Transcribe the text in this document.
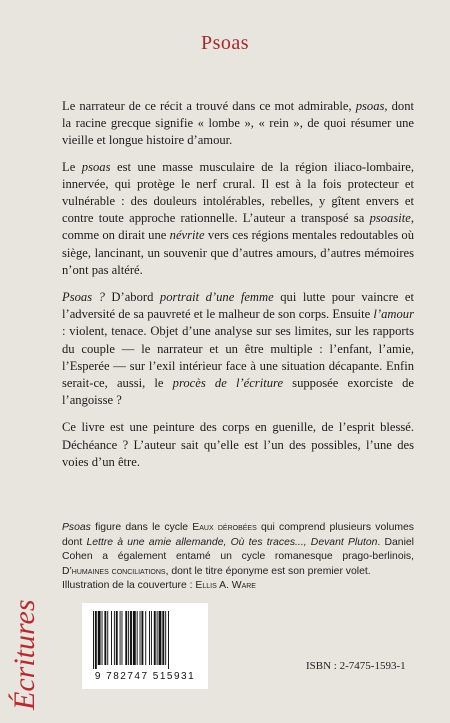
Psoas

Le narrateur de ce récit a trouvé dans ce mot admirable, psoas, dont la racine grecque signifie « lombe », « rein », de quoi résumer une vieille et longue histoire d’amour.

Le psoas est une masse musculaire de la région iliaco-lombaire, innervée, qui protège le nerf crural. Il est à la fois protecteur et vulnérable : des douleurs intolérables, rebelles, y gîtent envers et contre toute approche rationnelle. L’auteur a transposé sa psoasite, comme on dirait une névrite vers ces régions mentales redoutables où siège, lancinant, un souvenir que d’autres amours, d’autres mémoires n’ont pas altéré.

Psoas ? D’abord portrait d’une femme qui lutte pour vaincre et l’adversité de sa pauvreté et le malheur de son corps. Ensuite l’amour : violent, tenace. Objet d’une analyse sur ses limites, sur les rapports du couple — le narrateur et un être multiple : l’enfant, l’amie, l’Esperée — sur l’exil intérieur face à une situation décapante. Enfin serait-ce, aussi, le procès de l’écriture supposée exorciste de l’angoisse ?

Ce livre est une peinture des corps en guenille, de l’esprit blessé. Déchéance ? L’auteur sait qu’elle est l’un des possibles, l’une des voies d’un être.

Psoas figure dans le cycle Eaux dérobées qui comprend plusieurs volumes dont Lettre à une amie allemande, Où tes traces..., Devant Pluton. Daniel Cohen a également entamé un cycle romanesque prago-berlinois, D’humaines conciliations, dont le titre éponyme est son premier volet.
Illustration de la couverture : Ellis A. Ware
9 782747 515931
ISBN : 2-7475-1593-1
Écritures
